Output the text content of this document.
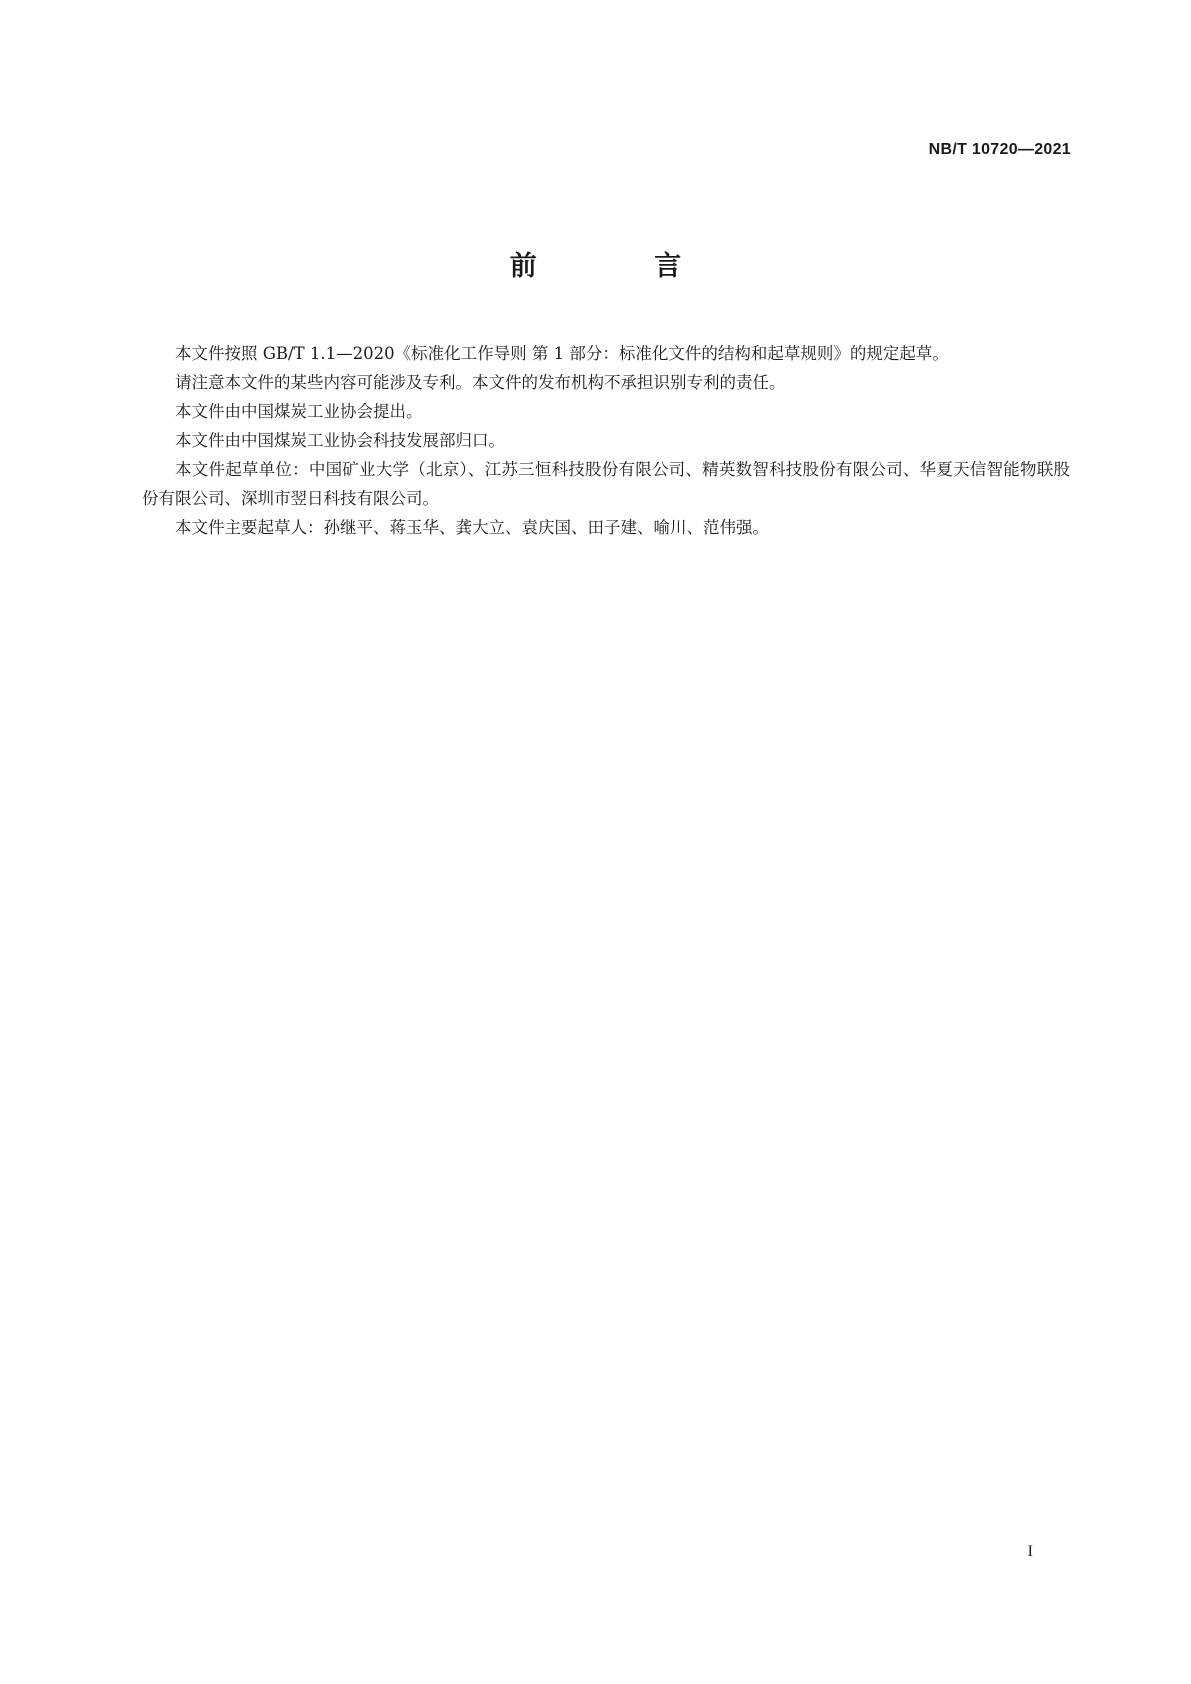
NB/T 10720—2021

前 言

本文件按照 GB/T 1.1—2020《标准化工作导则 第 1 部分：标准化文件的结构和起草规则》的规定起草。

请注意本文件的某些内容可能涉及专利。本文件的发布机构不承担识别专利的责任。

本文件由中国煤炭工业协会提出。

本文件由中国煤炭工业协会科技发展部归口。

本文件起草单位：中国矿业大学（北京）、江苏三恒科技股份有限公司、精英数智科技股份有限公司、华夏天信智能物联股份有限公司、深圳市翌日科技有限公司。

本文件主要起草人：孙继平、蒋玉华、龚大立、袁庆国、田子建、喻川、范伟强。

I
